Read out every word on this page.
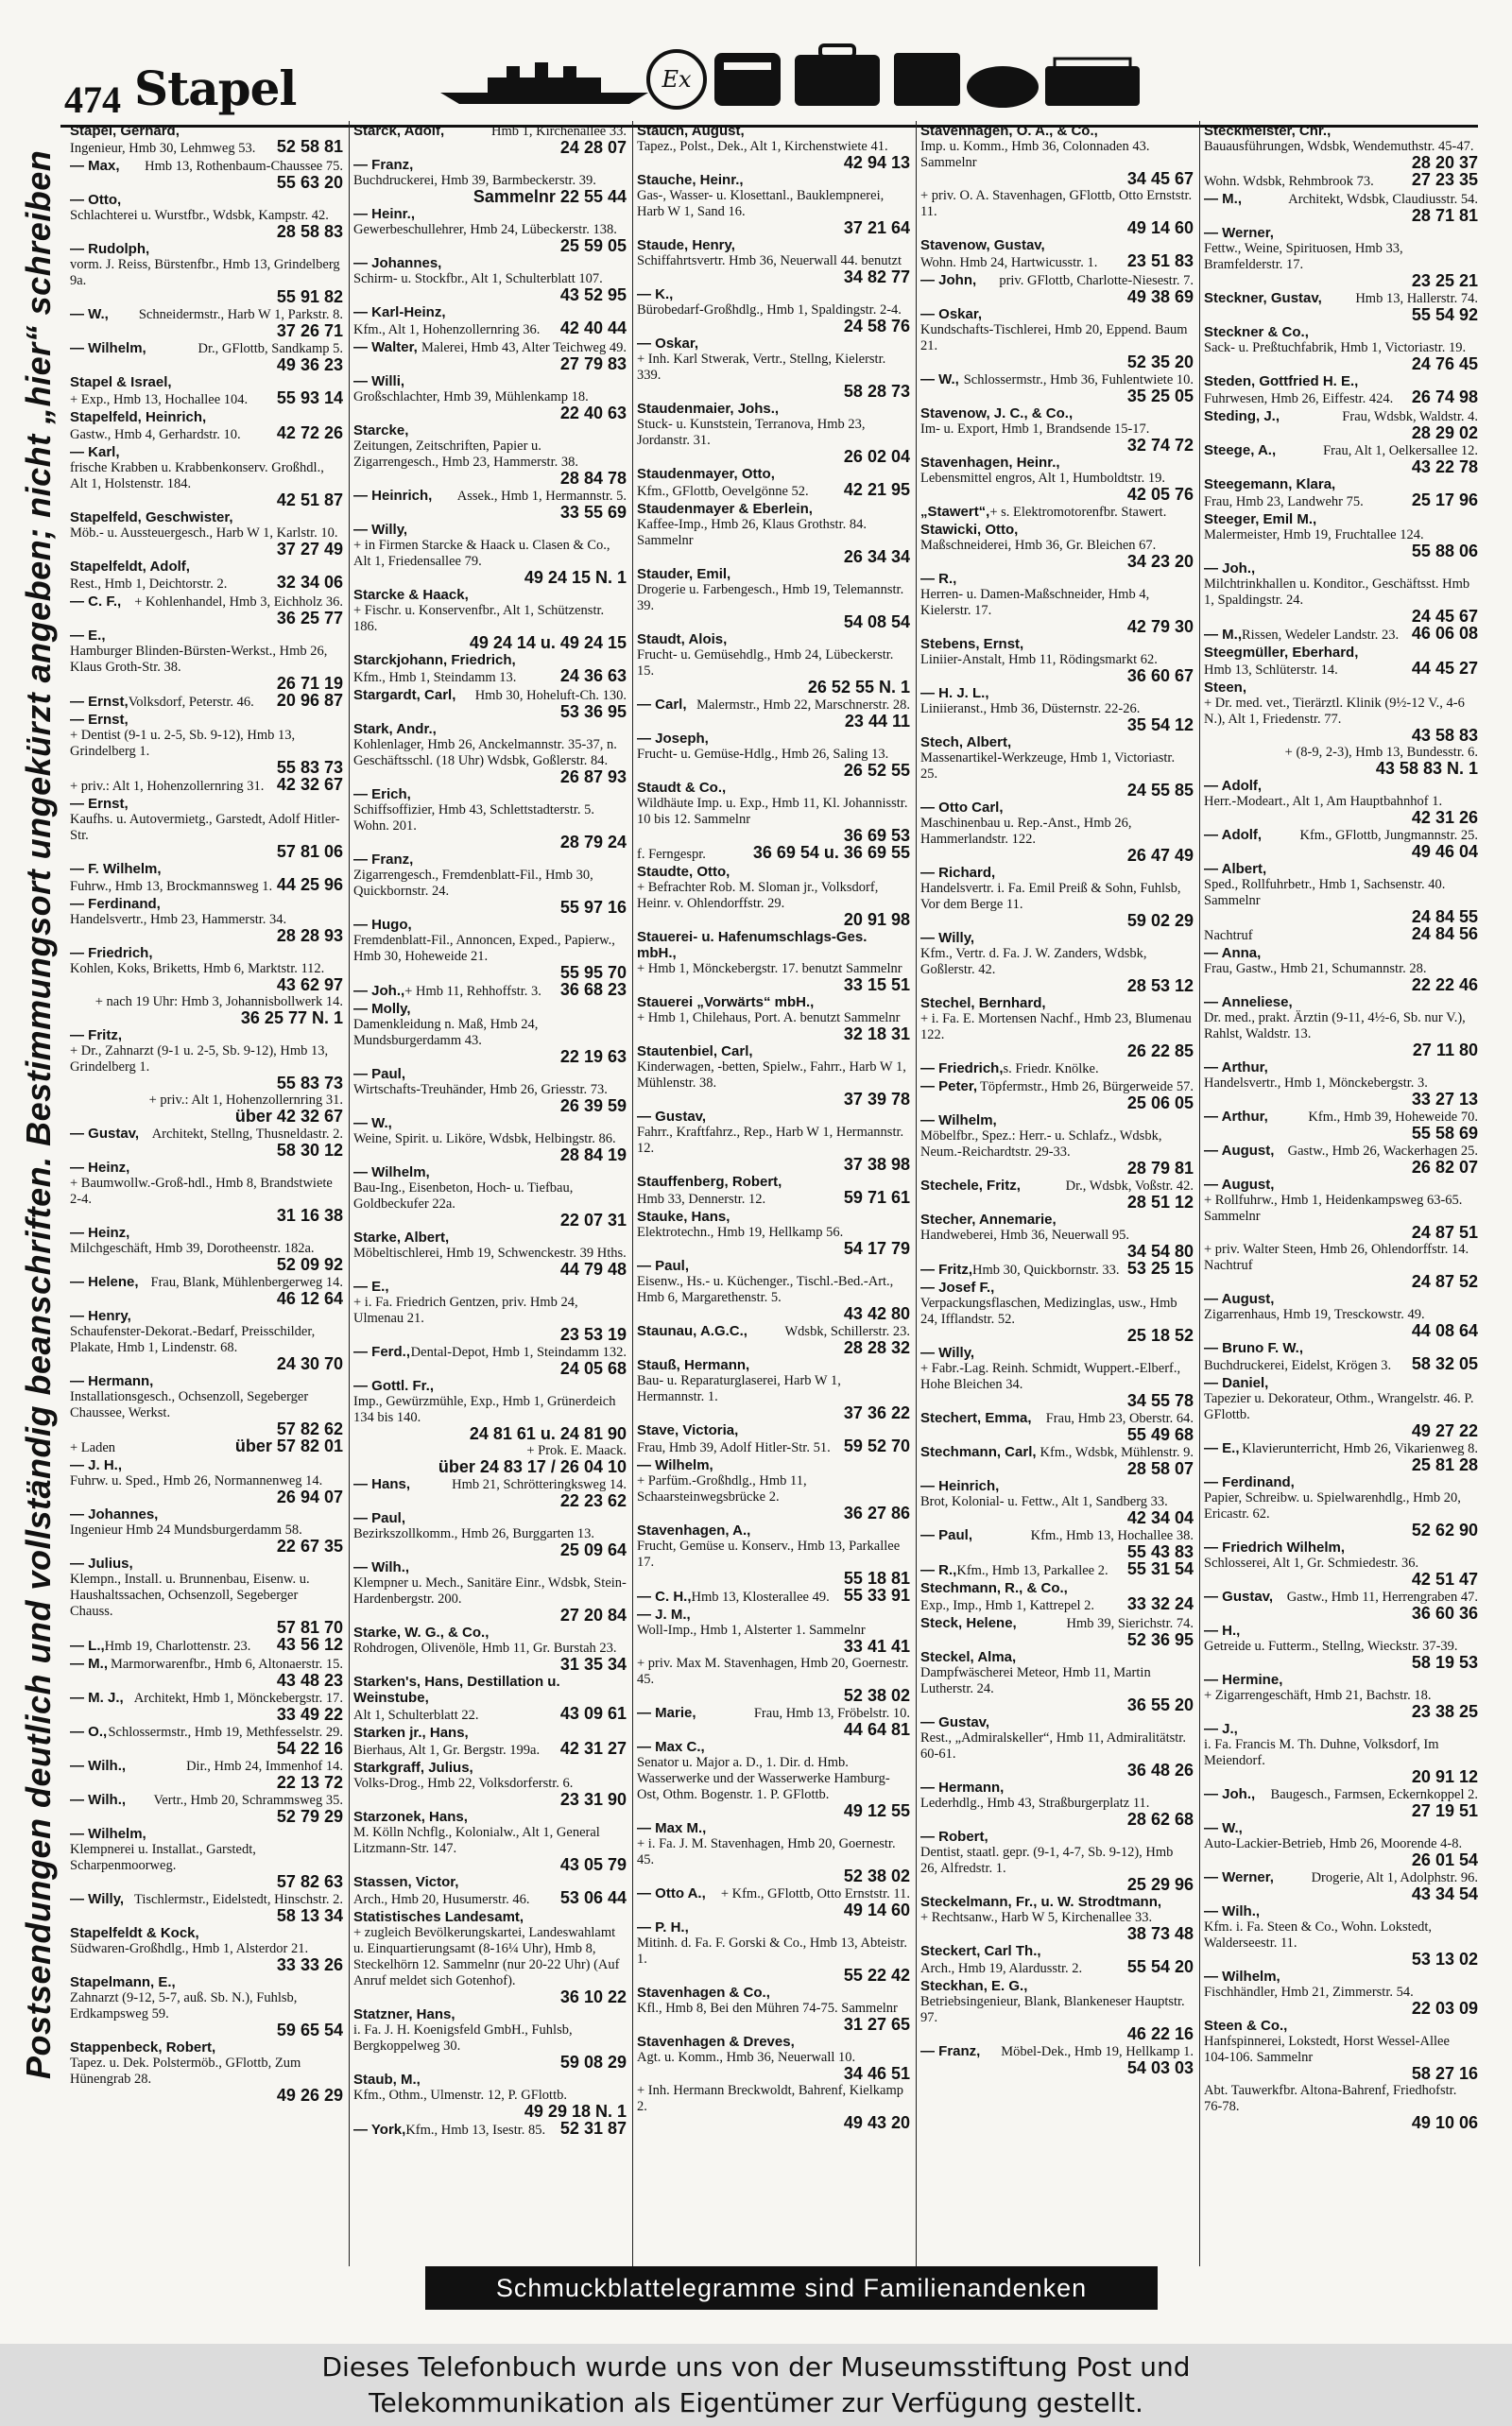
474 Stapel	Ex
Postsendungen deutlich und vollständig beanschriften. Bestimmungsort ungekürzt angeben; nicht „hier“ schreiben
Stapel, Gerhard,
Ingenieur, Hmb 30, Lehmweg 53. 52 58 81
— Max, Hmb 13, Rothenbaum-Chaussee 75.
55 63 20
— Otto,
Schlachterei u. Wurstfbr., Wdsbk, Kampstr. 42.
28 58 83
— Rudolph,
vorm. J. Reiss, Bürstenfbr., Hmb 13, Grindelberg 9a.
55 91 82
— W., Schneidermstr., Harb W 1, Parkstr. 8.
37 26 71
— Wilhelm,	Dr., GFlottb, Sandkamp 5.
49 36 23
Stapel & Israel,
+ Exp., Hmb 13, Hochallee 104. 55 93 14
Stapelfeld, Heinrich,
Gastw., Hmb 4, Gerhardstr. 10. 42 72 26
— Karl,
frische Krabben u. Krabbenkonserv. Großhdl., Alt 1, Holstenstr. 184.
42 51 87
Stapelfeld, Geschwister,
Möb.- u. Aussteuergesch., Harb W 1, Karlstr. 10.
37 27 49
Stapelfeldt, Adolf,
Rest., Hmb 1, Deichtorstr. 2.	32 34 06
— C. F., + Kohlenhandel, Hmb 3, Eichholz 36.
36 25 77
— E.,
Hamburger Blinden-Bürsten-Werkst., Hmb 26, Klaus Groth-Str. 38.
26 71 19
— Ernst, Volksdorf, Peterstr. 46. 20 96 87
— Ernst,
+ Dentist (9-1 u. 2-5, Sb. 9-12), Hmb 13, Grindelberg 1.
55 83 73
+ priv.: Alt 1, Hohenzollernring 31. 42 32 67
— Ernst,
Kaufhs. u. Autovermietg., Garstedt, Adolf Hitler-Str.
57 81 06
— F. Wilhelm,
Fuhrw., Hmb 13, Brockmannsweg 1. 44 25 96
— Ferdinand,
Handelsvertr., Hmb 23, Hammerstr. 34.
28 28 93
— Friedrich,
Kohlen, Koks, Briketts, Hmb 6, Marktstr. 112.
43 62 97
+ nach 19 Uhr: Hmb 3, Johannisbollwerk 14.
36 25 77 N. 1
— Fritz,
+ Dr., Zahnarzt (9-1 u. 2-5, Sb. 9-12), Hmb 13, Grindelberg 1.
55 83 73
+ priv.: Alt 1, Hohenzollernring 31.
über 42 32 67
— Gustav, Architekt, Stellng, Thusneldastr. 2.
58 30 12
— Heinz,
+ Baumwollw.-Groß-hdl., Hmb 8, Brandstwiete 2-4.
31 16 38
— Heinz,
Milchgeschäft, Hmb 39, Dorotheenstr. 182a.
52 09 92
— Helene, Frau, Blank, Mühlenbergerweg 14.
46 12 64
— Henry,
Schaufenster-Dekorat.-Bedarf, Preisschilder, Plakate, Hmb 1, Lindenstr. 68.
24 30 70
— Hermann,
Installationsgesch., Ochsenzoll, Segeberger Chaussee, Werkst.
57 82 62
+ Laden	über 57 82 01
— J. H.,
Fuhrw. u. Sped., Hmb 26, Normannenweg 14.
26 94 07
— Johannes,
Ingenieur Hmb 24 Mundsburgerdamm 58.
22 67 35
— Julius,
Klempn., Install. u. Brunnenbau, Eisenw. u. Haushaltssachen, Ochsenzoll, Segeberger Chauss.
57 81 70
— L., Hmb 19, Charlottenstr. 23. 43 56 12
— M., Marmorwarenfbr., Hmb 6, Altonaerstr. 15.
43 48 23
— M. J., Architekt, Hmb 1, Mönckebergstr. 17.
33 49 22
— O., Schlossermstr., Hmb 19, Methfesselstr. 29.
54 22 16
— Wilh.,	Dir., Hmb 24, Immenhof 14.
22 13 72
— Wilh., Vertr., Hmb 20, Schrammsweg 35.
52 79 29
— Wilhelm,
Klempnerei u. Installat., Garstedt, Scharpenmoorweg.
57 82 63
— Willy, Tischlermstr., Eidelstedt, Hinschstr. 2.
58 13 34
Stapelfeldt & Kock,
Südwaren-Großhdlg., Hmb 1, Alsterdor 21.
33 33 26
Stapelmann, E.,
Zahnarzt (9-12, 5-7, auß. Sb. N.), Fuhlsb, Erdkampsweg 59.
59 65 54
Stappenbeck, Robert,
Tapez. u. Dek. Polstermöb., GFlottb, Zum Hünengrab 28.
49 26 29
Starck, Adolf,	Hmb 1, Kirchenallee 33.
24 28 07
— Franz,
Buchdruckerei, Hmb 39, Barmbeckerstr. 39.
Sammelnr 22 55 44
— Heinr.,
Gewerbeschullehrer, Hmb 24, Lübeckerstr. 138.
25 59 05
— Johannes,
Schirm- u. Stockfbr., Alt 1, Schulterblatt 107.
43 52 95
— Karl-Heinz,
Kfm., Alt 1, Hohenzollernring 36. 42 40 44
— Walter, Malerei, Hmb 43, Alter Teichweg 49.
27 79 83
— Willi,
Großschlachter, Hmb 39, Mühlenkamp 18.
22 40 63
Starcke,
Zeitungen, Zeitschriften, Papier u. Zigarrengesch., Hmb 23, Hammerstr. 38.
28 84 78
— Heinrich, Assek., Hmb 1, Hermannstr. 5.
33 55 69
— Willy,
+ in Firmen Starcke & Haack u. Clasen & Co., Alt 1, Friedensallee 79.
49 24 15 N. 1
Starcke & Haack,
+ Fischr. u. Konservenfbr., Alt 1, Schützenstr. 186.
49 24 14 u. 49 24 15
Starckjohann, Friedrich,
Kfm., Hmb 1, Steindamm 13.	24 36 63
Stargardt, Carl, Hmb 30, Hoheluft-Ch. 130.
53 36 95
Stark, Andr.,
Kohlenlager, Hmb 26, Anckelmannstr. 35-37, n. Geschäftsschl. (18 Uhr) Wdsbk, Goßlerstr. 84.
26 87 93
— Erich,
Schiffsoffizier, Hmb 43, Schlettstadterstr. 5. Wohn. 201.
28 79 24
— Franz,
Zigarrengesch., Fremdenblatt-Fil., Hmb 30, Quickbornstr. 24.
55 97 16
— Hugo,
Fremdenblatt-Fil., Annoncen, Exped., Papierw., Hmb 30, Hoheweide 21.
55 95 70
— Joh., + Hmb 11, Rehhoffstr. 3. 36 68 23
— Molly,
Damenkleidung n. Maß, Hmb 24, Mundsburgerdamm 43.
22 19 63
— Paul,
Wirtschafts-Treuhänder, Hmb 26, Griesstr. 73.
26 39 59
— W.,
Weine, Spirit. u. Liköre, Wdsbk, Helbingstr. 86.
28 84 19
— Wilhelm,
Bau-Ing., Eisenbeton, Hoch- u. Tiefbau, Goldbeckufer 22a.
22 07 31
Starke, Albert,
Möbeltischlerei, Hmb 19, Schwenckestr. 39 Hths.
44 79 48
— E.,
+ i. Fa. Friedrich Gentzen, priv. Hmb 24, Ulmenau 21.
23 53 19
— Ferd., Dental-Depot, Hmb 1, Steindamm 132.
24 05 68
— Gottl. Fr.,
Imp., Gewürzmühle, Exp., Hmb 1, Grünerdeich 134 bis 140.
24 81 61 u. 24 81 90
+ Prok. E. Maack.
über 24 83 17 / 26 04 10
— Hans,	Hmb 21, Schrötteringksweg 14.
22 23 62
— Paul,
Bezirkszollkomm., Hmb 26, Burggarten 13.
25 09 64
— Wilh.,
Klempner u. Mech., Sanitäre Einr., Wdsbk, Stein-Hardenbergstr. 200.
27 20 84
Starke, W. G., & Co.,
Rohdrogen, Olivenöle, Hmb 11, Gr. Burstah 23.
31 35 34
Starken's, Hans, Destillation u. Weinstube,
Alt 1, Schulterblatt 22.	43 09 61
Starken jr., Hans,
Bierhaus, Alt 1, Gr. Bergstr. 199a. 42 31 27
Starkgraff, Julius,
Volks-Drog., Hmb 22, Volksdorferstr. 6.
23 31 90
Starzonek, Hans,
M. Kölln Nchflg., Kolonialw., Alt 1, General Litzmann-Str. 147.
43 05 79
Stassen, Victor,
Arch., Hmb 20, Husumerstr. 46. 53 06 44
Statistisches Landesamt,
+ zugleich Bevölkerungskartei, Landeswahlamt u. Einquartierungsamt (8-16¼ Uhr), Hmb 8, Steckelhörn 12. Sammelnr (nur 20-22 Uhr) (Auf Anruf meldet sich Gotenhof).
36 10 22
Statzner, Hans,
i. Fa. J. H. Koenigsfeld GmbH., Fuhlsb, Bergkoppelweg 30.
59 08 29
Staub, M.,
Kfm., Othm., Ulmenstr. 12, P. GFlottb.
49 29 18 N. 1
— York, Kfm., Hmb 13, Isestr. 85. 52 31 87
Stauch, August,
Tapez., Polst., Dek., Alt 1, Kirchenstwiete 41.
42 94 13
Stauche, Heinr.,
Gas-, Wasser- u. Klosettanl., Bauklempnerei, Harb W 1, Sand 16.
37 21 64
Staude, Henry,
Schiffahrtsvertr. Hmb 36, Neuerwall 44. benutzt
34 82 77
— K.,
Bürobedarf-Großhdlg., Hmb 1, Spaldingstr. 2-4.
24 58 76
— Oskar,
+ Inh. Karl Stwerak, Vertr., Stellng, Kielerstr. 339.
58 28 73
Staudenmaier, Johs.,
Stuck- u. Kunststein, Terranova, Hmb 23, Jordanstr. 31.
26 02 04
Staudenmayer, Otto,
Kfm., GFlottb, Oevelgönne 52. 42 21 95
Staudenmayer & Eberlein,
Kaffee-Imp., Hmb 26, Klaus Grothstr. 84. Sammelnr
26 34 34
Stauder, Emil,
Drogerie u. Farbengesch., Hmb 19, Telemannstr. 39.
54 08 54
Staudt, Alois,
Frucht- u. Gemüsehdlg., Hmb 24, Lübeckerstr. 15.
26 52 55 N. 1
— Carl, Malermstr., Hmb 22, Marschnerstr. 28.
23 44 11
— Joseph,
Frucht- u. Gemüse-Hdlg., Hmb 26, Saling 13.
26 52 55
Staudt & Co.,
Wildhäute Imp. u. Exp., Hmb 11, Kl. Johannisstr. 10 bis 12. Sammelnr
36 69 53
f. Ferngespr.	36 69 54 u. 36 69 55
Staudte, Otto,
+ Befrachter Rob. M. Sloman jr., Volksdorf, Heinr. v. Ohlendorffstr. 29.
20 91 98
Stauerei- u. Hafenumschlags-Ges. mbH.,
+ Hmb 1, Mönckebergstr. 17. benutzt Sammelnr
33 15 51
Stauerei „Vorwärts“ mbH.,
+ Hmb 1, Chilehaus, Port. A. benutzt Sammelnr
32 18 31
Stautenbiel, Carl,
Kinderwagen, -betten, Spielw., Fahrr., Harb W 1, Mühlenstr. 38.
37 39 78
— Gustav,
Fahrr., Kraftfahrz., Rep., Harb W 1, Hermannstr. 12.
37 38 98
Stauffenberg, Robert,
Hmb 33, Dennerstr. 12.	59 71 61
Stauke, Hans,
Elektrotechn., Hmb 19, Hellkamp 56.
54 17 79
— Paul,
Eisenw., Hs.- u. Küchenger., Tischl.-Bed.-Art., Hmb 6, Margarethenstr. 5.
43 42 80
Staunau, A.G.C.,	Wdsbk, Schillerstr. 23.
28 28 32
Stauß, Hermann,
Bau- u. Reparaturglaserei, Harb W 1, Hermannstr. 1.
37 36 22
Stave, Victoria,
Frau, Hmb 39, Adolf Hitler-Str. 51. 59 52 70
— Wilhelm,
+ Parfüm.-Großhdlg., Hmb 11, Schaarsteinwegsbrücke 2.
36 27 86
Stavenhagen, A.,
Frucht, Gemüse u. Konserv., Hmb 13, Parkallee 17.
55 18 81
— C. H., Hmb 13, Klosterallee 49. 55 33 91
— J. M.,
Woll-Imp., Hmb 1, Alsterter 1. Sammelnr
33 41 41
+ priv. Max M. Stavenhagen, Hmb 20, Goernestr. 45.
52 38 02
— Marie,	Frau, Hmb 13, Fröbelstr. 10.
44 64 81
— Max C.,
Senator u. Major a. D., 1. Dir. d. Hmb. Wasserwerke und der Wasserwerke Hamburg-Ost, Othm. Bogenstr. 1. P. GFlottb.
49 12 55
— Max M.,
+ i. Fa. J. M. Stavenhagen, Hmb 20, Goernestr. 45.
52 38 02
— Otto A., + Kfm., GFlottb, Otto Ernststr. 11.
49 14 60
— P. H.,
Mitinh. d. Fa. F. Gorski & Co., Hmb 13, Abteistr. 1.
55 22 42
Stavenhagen & Co.,
Kfl., Hmb 8, Bei den Mühren 74-75. Sammelnr
31 27 65
Stavenhagen & Dreves,
Agt. u. Komm., Hmb 36, Neuerwall 10.
34 46 51
+ Inh. Hermann Breckwoldt, Bahrenf, Kielkamp 2.
49 43 20
Stavenhagen, O. A., & Co.,
Imp. u. Komm., Hmb 36, Colonnaden 43. Sammelnr
34 45 67
+ priv. O. A. Stavenhagen, GFlottb, Otto Ernststr. 11.
49 14 60
Stavenow, Gustav,
Wohn. Hmb 24, Hartwicusstr. 1. 23 51 83
— John, priv. GFlottb, Charlotte-Niesestr. 7.
49 38 69
— Oskar,
Kundschafts-Tischlerei, Hmb 20, Eppend. Baum 21.
52 35 20
— W., Schlossermstr., Hmb 36, Fuhlentwiete 10.
35 25 05
Stavenow, J. C., & Co.,
Im- u. Export, Hmb 1, Brandsende 15-17.
32 74 72
Stavenhagen, Heinr.,
Lebensmittel engros, Alt 1, Humboldtstr. 19.
42 05 76
„Stawert“, + s. Elektromotorenfbr. Stawert.
Stawicki, Otto,
Maßschneiderei, Hmb 36, Gr. Bleichen 67.
34 23 20
— R.,
Herren- u. Damen-Maßschneider, Hmb 4, Kielerstr. 17.
42 79 30
Stebens, Ernst,
Liniier-Anstalt, Hmb 11, Rödingsmarkt 62.
36 60 67
— H. J. L.,
Liniieranst., Hmb 36, Düsternstr. 22-26.
35 54 12
Stech, Albert,
Massenartikel-Werkzeuge, Hmb 1, Victoriastr. 25.
24 55 85
— Otto Carl,
Maschinenbau u. Rep.-Anst., Hmb 26, Hammerlandstr. 122.
26 47 49
— Richard,
Handelsvertr. i. Fa. Emil Preiß & Sohn, Fuhlsb, Vor dem Berge 11.
59 02 29
— Willy,
Kfm., Vertr. d. Fa. J. W. Zanders, Wdsbk, Goßlerstr. 42.
28 53 12
Stechel, Bernhard,
+ i. Fa. E. Mortensen Nachf., Hmb 23, Blumenau 122.
26 22 85
— Friedrich, s. Friedr. Knölke.
— Peter, Töpfermstr., Hmb 26, Bürgerweide 57.
25 06 05
— Wilhelm,
Möbelfbr., Spez.: Herr.- u. Schlafz., Wdsbk, Neum.-Reichardtstr. 29-33.
28 79 81
Stechele, Fritz,	Dr., Wdsbk, Voßstr. 42.
28 51 12
Stecher, Annemarie,
Handweberei, Hmb 36, Neuerwall 95.
34 54 80
— Fritz, Hmb 30, Quickbornstr. 33. 53 25 15
— Josef F.,
Verpackungsflaschen, Medizinglas, usw., Hmb 24, Ifflandstr. 52.
25 18 52
— Willy,
+ Fabr.-Lag. Reinh. Schmidt, Wuppert.-Elberf., Hohe Bleichen 34.
34 55 78
Stechert, Emma, Frau, Hmb 23, Oberstr. 64.
55 49 68
Stechmann, Carl, Kfm., Wdsbk, Mühlenstr. 9.
28 58 07
— Heinrich,
Brot, Kolonial- u. Fettw., Alt 1, Sandberg 33.
42 34 04
— Paul,	Kfm., Hmb 13, Hochallee 38.
55 43 83
— R., Kfm., Hmb 13, Parkallee 2. 55 31 54
Stechmann, R., & Co.,
Exp., Imp., Hmb 1, Kattrepel 2. 33 32 24
Steck, Helene,	Hmb 39, Sierichstr. 74.
52 36 95
Steckel, Alma,
Dampfwäscherei Meteor, Hmb 11, Martin Lutherstr. 24.
36 55 20
— Gustav,
Rest., „Admiralskeller“, Hmb 11, Admiralitätstr. 60-61.
36 48 26
— Hermann,
Lederhdlg., Hmb 43, Straßburgerplatz 11.
28 62 68
— Robert,
Dentist, staatl. gepr. (9-1, 4-7, Sb. 9-12), Hmb 26, Alfredstr. 1.
25 29 96
Steckelmann, Fr., u. W. Strodtmann,
+ Rechtsanw., Harb W 5, Kirchenallee 33.
38 73 48
Steckert, Carl Th.,
Arch., Hmb 19, Alardusstr. 2.	55 54 20
Steckhan, E. G.,
Betriebsingenieur, Blank, Blankeneser Hauptstr. 97.
46 22 16
— Franz, Möbel-Dek., Hmb 19, Hellkamp 1.
54 03 03
Steckmeister, Chr.,
Bauausführungen, Wdsbk, Wendemuthstr. 45-47.
28 20 37
Wohn. Wdsbk, Rehmbrook 73. 27 23 35
— M.,	Architekt, Wdsbk, Claudiusstr. 54.
28 71 81
— Werner,
Fettw., Weine, Spirituosen, Hmb 33, Bramfelderstr. 17.
23 25 21
Steckner, Gustav, Hmb 13, Hallerstr. 74.
55 54 92
Steckner & Co.,
Sack- u. Preßtuchfabrik, Hmb 1, Victoriastr. 19.
24 76 45
Steden, Gottfried H. E.,
Fuhrwesen, Hmb 26, Eiffestr. 424. 26 74 98
Steding, J.,	Frau, Wdsbk, Waldstr. 4.
28 29 02
Steege, A.,	Frau, Alt 1, Oelkersallee 12.
43 22 78
Steegemann, Klara,
Frau, Hmb 23, Landwehr 75.	25 17 96
Steeger, Emil M.,
Malermeister, Hmb 19, Fruchtallee 124.
55 88 06
— Joh.,
Milchtrinkhallen u. Konditor., Geschäftsst. Hmb 1, Spaldingstr. 24.
24 45 67
— M., Rissen, Wedeler Landstr. 23. 46 06 08
Steegmüller, Eberhard,
Hmb 13, Schlüterstr. 14.	44 45 27
Steen,
+ Dr. med. vet., Tierärztl. Klinik (9½-12 V., 4-6 N.), Alt 1, Friedenstr. 77.
43 58 83
+ (8-9, 2-3), Hmb 13, Bundesstr. 6.
43 58 83 N. 1
— Adolf,
Herr.-Modeart., Alt 1, Am Hauptbahnhof 1.
42 31 26
— Adolf,	Kfm., GFlottb, Jungmannstr. 25.
49 46 04
— Albert,
Sped., Rollfuhrbetr., Hmb 1, Sachsenstr. 40. Sammelnr
24 84 55
Nachtruf	24 84 56
— Anna,
Frau, Gastw., Hmb 21, Schumannstr. 28.
22 22 46
— Anneliese,
Dr. med., prakt. Ärztin (9-11, 4½-6, Sb. nur V.), Rahlst, Waldstr. 13.
27 11 80
— Arthur,
Handelsvertr., Hmb 1, Mönckebergstr. 3.
33 27 13
— Arthur,	Kfm., Hmb 39, Hoheweide 70.
55 58 69
— August, Gastw., Hmb 26, Wackerhagen 25.
26 82 07
— August,
+ Rollfuhrw., Hmb 1, Heidenkampsweg 63-65. Sammelnr
24 87 51
+ priv. Walter Steen, Hmb 26, Ohlendorffstr. 14. Nachtruf
24 87 52
— August,
Zigarrenhaus, Hmb 19, Tresckowstr. 49.
44 08 64
— Bruno F. W.,
Buchdruckerei, Eidelst, Krögen 3. 58 32 05
— Daniel,
Tapezier u. Dekorateur, Othm., Wrangelstr. 46. P. GFlottb.
49 27 22
— E., Klavierunterricht, Hmb 26, Vikarienweg 8.
25 81 28
— Ferdinand,
Papier, Schreibw. u. Spielwarenhdlg., Hmb 20, Ericastr. 62.
52 62 90
— Friedrich Wilhelm,
Schlosserei, Alt 1, Gr. Schmiedestr. 36.
42 51 47
— Gustav, Gastw., Hmb 11, Herrengraben 47.
36 60 36
— H.,
Getreide u. Futterm., Stellng, Wieckstr. 37-39.
58 19 53
— Hermine,
+ Zigarrengeschäft, Hmb 21, Bachstr. 18.
23 38 25
— J.,
i. Fa. Francis M. Th. Duhne, Volksdorf, Im Meiendorf.
20 91 12
— Joh., Baugesch., Farmsen, Eckernkoppel 2.
27 19 51
— W.,
Auto-Lackier-Betrieb, Hmb 26, Moorende 4-8.
26 01 54
— Werner,	Drogerie, Alt 1, Adolphstr. 96.
43 34 54
— Wilh.,
Kfm. i. Fa. Steen & Co., Wohn. Lokstedt, Walderseestr. 11.
53 13 02
— Wilhelm,
Fischhändler, Hmb 21, Zimmerstr. 54.
22 03 09
Steen & Co.,
Hanfspinnerei, Lokstedt, Horst Wessel-Allee 104-106. Sammelnr
58 27 16
Abt. Tauwerkfbr. Altona-Bahrenf, Friedhofstr. 76-78.
49 10 06
Schmuckblattelegramme sind Familienandenken
Dieses Telefonbuch wurde uns von der Museumsstiftung Post und
Telekommunikation als Eigentümer zur Verfügung gestellt.
